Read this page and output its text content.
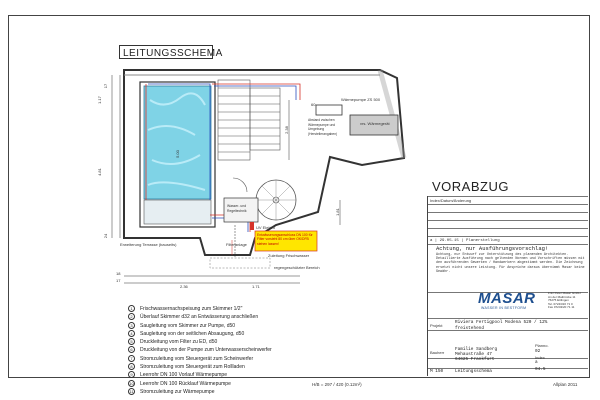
LEITUNGSSCHEMA
Wärmepumpe ZS 500
60
vrs. Wärmegerät
Abstand zwischen Wärmepumpe und Umgebung (Herstellerangaben)
Erweiterung Terrasse (bauseits)
UV Elektro
Filteranlage
Entwässerungsanschluss DN 100 für Filter vorsieht 80 cm über OK/DFB stehen lassen!
Zuleitung Frischwasser
regengeschützter Bereich
Wasser- und Regeltechnik
5.00
2.38
1.81
1.17
4.81
17
24
18
17
2.36	1.71
1	Frischwassernachspeisung zum Skimmer 1/2"
2	Überlauf Skimmer d32 an Entwässerung anschließen
3	Saugleitung vom Skimmer zur Pumpe, d50
4	Saugleitung von der seitlichen Absaugung, d50
5	Druckleitung vom Filter zu ED, d50
6	Druckleitung von der Pumpe zum Unterwasserscheinwerfer
7	Stromzuleitung vom Steuergerät zum Scheinwerfer
8	Stromzuleitung vom Steuergerät zum Rollladen
9	Leerrohr DN 100 Vorlauf Wärmepumpe
10 Leerrohr DN 100 Rücklauf Wärmepumpe
11 Stromzuleitung zur Wärmepumpe
VORABZUG
Index/Datum/Änderung
a | 29.05.15 | Planerstellung
Achtung, nur Ausführungsvorschlag!
Achtung, nur Entwurf zur Unterstützung des planenden Architekten. Detaillierte Ausführung nach geltenden Normen und Vorschriften müssen mit den ausführenden Gewerken / Handwerkern abgestimmt werden. Die Zeichnung ersetzt nicht unsere Leistung. Für Ansprüche daraus übernimmt Masar keine Gewähr.
MASAR
WASSER IN BESTFORM
Fritz Peter Masar GmbH
An der Maibrücke 11
76275 Ettlingen
Tel. 07243/20 71 0
Fax 07243/20 71 11
Projekt
Riviera Fertigpool Modena 520 / 12% freistehend
Bauherr
Familie Sandberg
Mehaustraße 47
64625 Frankfurt
Planno.
02
Index
a
M 150	Leitungsschema	04.5
H/B = 297 / 420 (0.12m²)	Allplan 2011
